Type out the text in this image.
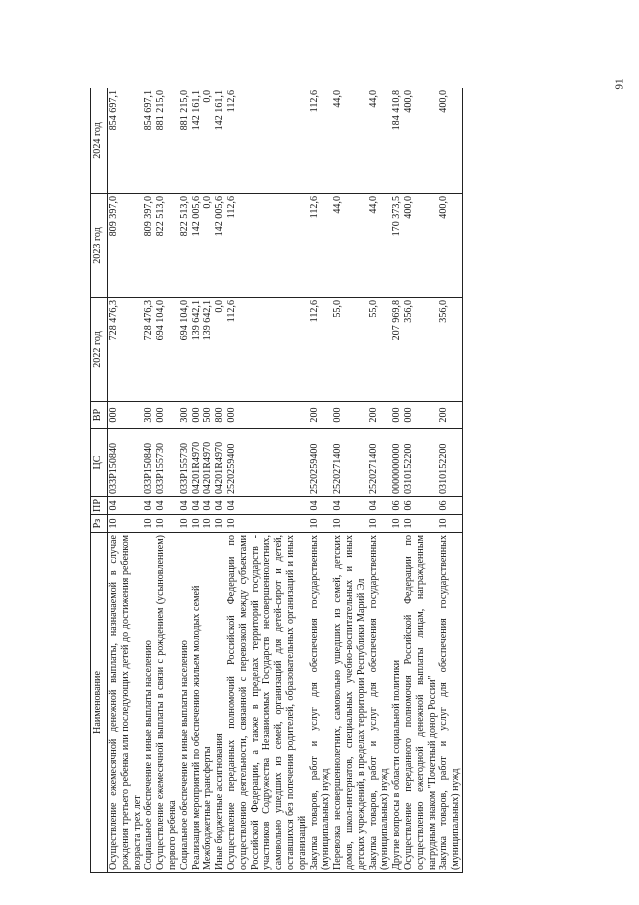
91
Наименование	Рз	ПР	ЦС	ВР	2022 год	2023 год	2024 год
Осуществление ежемесячной денежной выплаты, назначаемой в случае рождения третьего ребенка или последующих детей до достижения ребенком возраста трех лет	10	04	033P150840	000	728 476,3	809 397,0	854 697,1
Социальное обеспечение и иные выплаты населению	10	04	033P150840	300	728 476,3	809 397,0	854 697,1
Осуществление ежемесячной выплаты в связи с рождением (усыновлением) первого ребенка	10	04	033P155730	000	694 104,0	822 513,0	881 215,0
Социальное обеспечение и иные выплаты населению	10	04	033P155730	300	694 104,0	822 513,0	881 215,0
Реализация мероприятий по обеспечению жильем молодых семей	10	04	04201R4970	000	139 642,1	142 005,6	142 161,1
Межбюджетные трансферты	10	04	04201R4970	500	139 642,1	0,0	0,0
Иные бюджетные ассигнования	10	04	04201R4970	800	0,0	142 005,6	142 161,1
Осуществление переданных полномочий Российской Федерации по осуществлению деятельности, связанной с перевозкой между субъектами Российской Федерации, а также в пределах территорий государств - участников Содружества Независимых Государств несовершеннолетних, самовольно ушедших из семей, организаций для детей-сирот и детей, оставшихся без попечения родителей, образовательных организаций и иных организаций	10	04	2520259400	000	112,6	112,6	112,6
Закупка товаров, работ и услуг для обеспечения государственных (муниципальных) нужд	10	04	2520259400	200	112,6	112,6	112,6
Перевозка несовершеннолетних, самовольно ушедших из семей, детских домов, школ-интернатов, специальных учебно-воспитательных и иных детских учреждений, в пределах территории Республики Марий Эл	10	04	2520271400	000	55,0	44,0	44,0
Закупка товаров, работ и услуг для обеспечения государственных (муниципальных) нужд	10	04	2520271400	200	55,0	44,0	44,0
Другие вопросы в области социальной политики	10	06	0000000000	000	207 969,8	170 373,5	184 410,8
Осуществление переданного полномочия Российской Федерации по осуществлению ежегодной денежной выплаты лицам, награжденным нагрудным знаком "Почетный донор России"	10	06	0310152200	000	356,0	400,0	400,0
Закупка товаров, работ и услуг для обеспечения государственных (муниципальных) нужд	10	06	0310152200	200	356,0	400,0	400,0
